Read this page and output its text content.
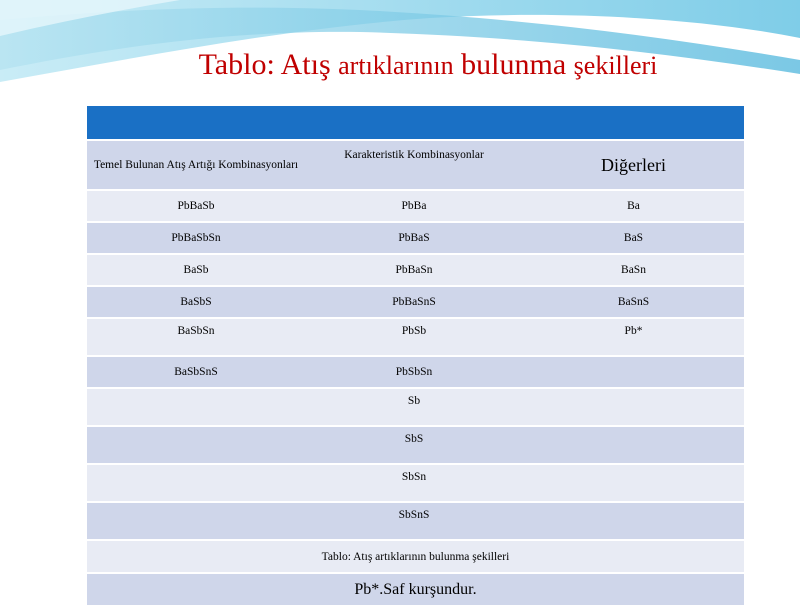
Tablo: Atış artıklarının bulunma şekilleri

Temel Bulunan Atış Artığı Kombinasyonları	Karakteristik Kombinasyonlar	Diğerleri
PbBaSb	PbBa	Ba
PbBaSbSn	PbBaS	BaS
BaSb	PbBaSn	BaSn
BaSbS	PbBaSnS	BaSnS
BaSbSn	PbSb	Pb*
BaSbSnS	PbSbSn	
	Sb	
	SbS	
	SbSn	
	SbSnS	
Tablo: Atış artıklarının bulunma şekilleri		
Pb*.Saf kurşundur.		
